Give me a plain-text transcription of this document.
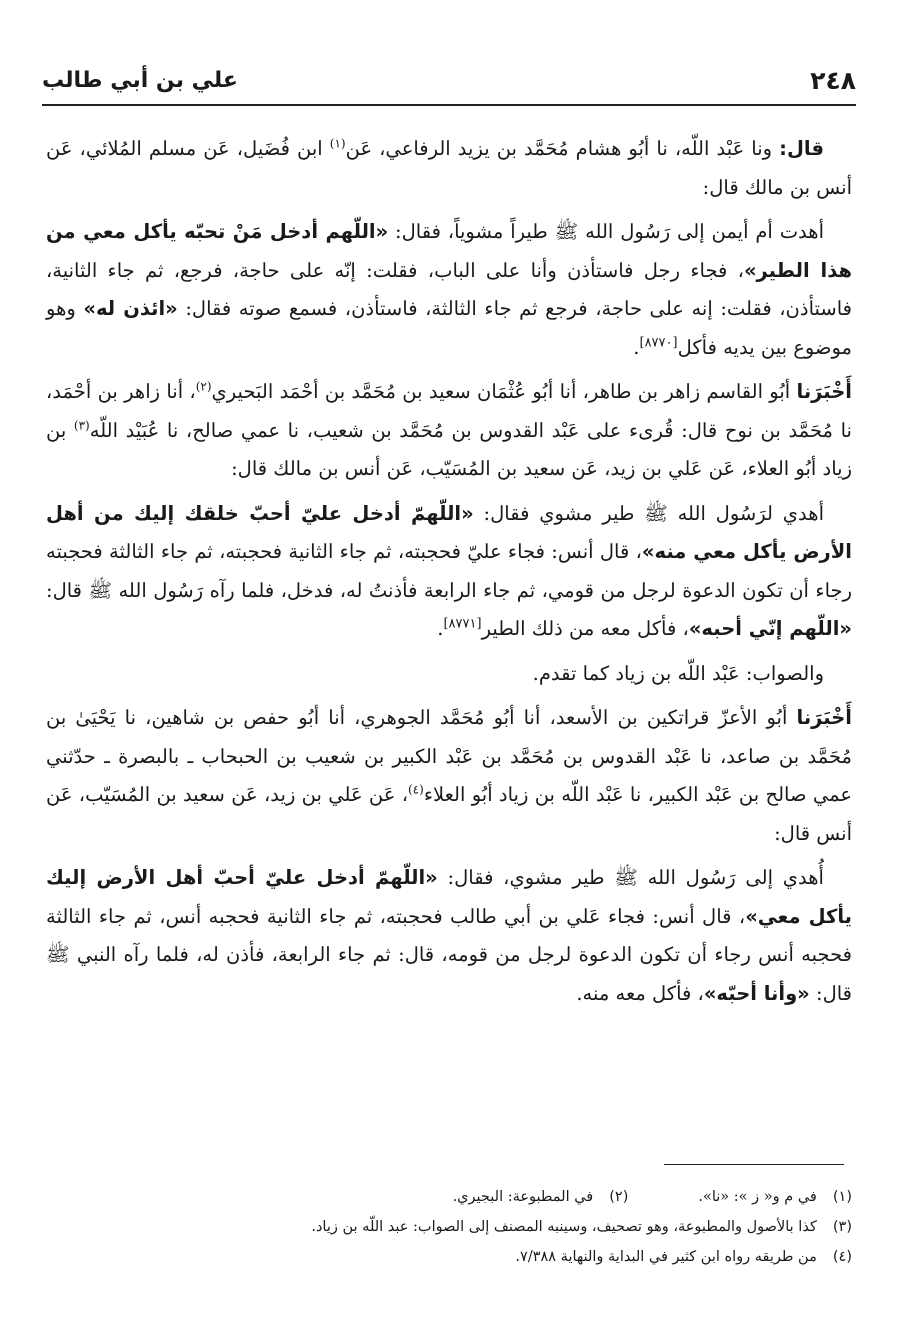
٢٤٨
علي بن أبي طالب

قال: ونا عَبْد اللّه، نا أبُو هشام مُحَمَّد بن يزيد الرفاعي، عَن$^{(١)}$ ابن فُضَيل، عَن مسلم المُلائي، عَن أنس بن مالك قال:

أهدت أم أيمن إلى رَسُول الله ﷺ طيراً مشوياً، فقال: «اللّهم أدخل مَنْ تحبّه يأكل معي من هذا الطير»، فجاء رجل فاستأذن وأنا على الباب، فقلت: إنّه على حاجة، فرجع، ثم جاء الثانية، فاستأذن، فقلت: إنه على حاجة، فرجع ثم جاء الثالثة، فاستأذن، فسمع صوته فقال: «ائذن له» وهو موضوع بين يديه فأكل[٨٧٧٠].

أَخْبَرَنا أبُو القاسم زاهر بن طاهر، أنا أبُو عُثْمَان سعيد بن مُحَمَّد بن أحْمَد البَحيري$^{(٢)}$، أنا زاهر بن أحْمَد، نا مُحَمَّد بن نوح قال: قُرىء على عَبْد القدوس بن مُحَمَّد بن شعيب، نا عمي صالح، نا عُبَيْد اللّه$^{(٣)}$ بن زياد أبُو العلاء، عَن عَلي بن زيد، عَن سعيد بن المُسَيّب، عَن أنس بن مالك قال:

أهدي لرَسُول الله ﷺ طير مشوي فقال: «اللّهمّ أدخل عليّ أحبّ خلقك إليك من أهل الأرض يأكل معي منه»، قال أنس: فجاء عليّ فحجبته، ثم جاء الثانية فحجبته، ثم جاء الثالثة فحجبته رجاء أن تكون الدعوة لرجل من قومي، ثم جاء الرابعة فأذنتُ له، فدخل، فلما رآه رَسُول الله ﷺ قال: «اللّهم إنّي أحبه»، فأكل معه من ذلك الطير[٨٧٧١].

والصواب: عَبْد اللّه بن زياد كما تقدم.

أَخْبَرَنا أبُو الأعزّ قراتكين بن الأسعد، أنا أبُو مُحَمَّد الجوهري، أنا أبُو حفص بن شاهين، نا يَحْيَىٰ بن مُحَمَّد بن صاعد، نا عَبْد القدوس بن مُحَمَّد بن عَبْد الكبير بن شعيب بن الحبحاب ـ بالبصرة ـ حدّثني عمي صالح بن عَبْد الكبير، نا عَبْد اللّه بن زياد أبُو العلاء$^{(٤)}$، عَن عَلي بن زيد، عَن سعيد بن المُسَيّب، عَن أنس قال:

أُهدي إلى رَسُول الله ﷺ طير مشوي، فقال: «اللّهمّ أدخل عليّ أحبّ أهل الأرض إليك يأكل معي»، قال أنس: فجاء عَلي بن أبي طالب فحجبته، ثم جاء الثانية فحجبه أنس، ثم جاء الثالثة فحجبه أنس رجاء أن تكون الدعوة لرجل من قومه، قال: ثم جاء الرابعة، فأذن له، فلما رآه النبي ﷺ قال: «وأنا أحبّه»، فأكل معه منه.

(١)
في م و« ز »: «نا».
(٢)
في المطبوعة: البجيري.
(٣)
كذا بالأصول والمطبوعة، وهو تصحيف، وسينبه المصنف إلى الصواب: عبد اللّه بن زياد.
(٤)
من طريقه رواه ابن كثير في البداية والنهاية ٧/٣٨٨.
